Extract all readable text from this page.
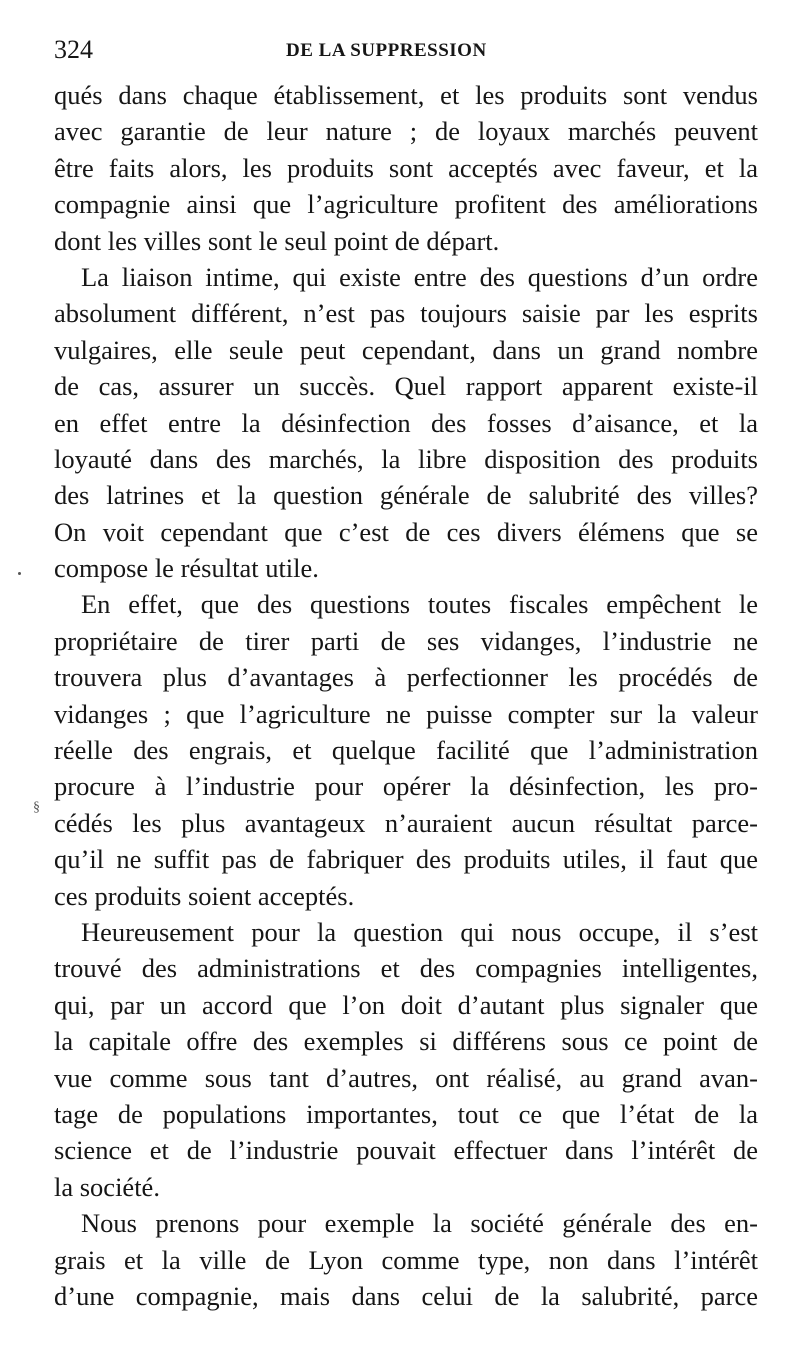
324	DE LA SUPPRESSION
§
qués dans chaque établissement, et les produits sont vendus
avec garantie de leur nature ; de loyaux marchés peuvent
être faits alors, les produits sont acceptés avec faveur, et la
compagnie ainsi que l’agriculture profitent des améliorations
dont les villes sont le seul point de départ.
La liaison intime, qui existe entre des questions d’un ordre
absolument différent, n’est pas toujours saisie par les esprits
vulgaires, elle seule peut cependant, dans un grand nombre
de cas, assurer un succès. Quel rapport apparent existe-il
en effet entre la désinfection des fosses d’aisance, et la
loyauté dans des marchés, la libre disposition des produits
des latrines et la question générale de salubrité des villes?
On voit cependant que c’est de ces divers élémens que se
compose le résultat utile.
En effet, que des questions toutes fiscales empêchent le
propriétaire de tirer parti de ses vidanges, l’industrie ne
trouvera plus d’avantages à perfectionner les procédés de
vidanges ; que l’agriculture ne puisse compter sur la valeur
réelle des engrais, et quelque facilité que l’administration
procure à l’industrie pour opérer la désinfection, les pro-
cédés les plus avantageux n’auraient aucun résultat parce-
qu’il ne suffit pas de fabriquer des produits utiles, il faut que
ces produits soient acceptés.
Heureusement pour la question qui nous occupe, il s’est
trouvé des administrations et des compagnies intelligentes,
qui, par un accord que l’on doit d’autant plus signaler que
la capitale offre des exemples si différens sous ce point de
vue comme sous tant d’autres, ont réalisé, au grand avan-
tage de populations importantes, tout ce que l’état de la
science et de l’industrie pouvait effectuer dans l’intérêt de
la société.
Nous prenons pour exemple la société générale des en-
grais et la ville de Lyon comme type, non dans l’intérêt
d’une compagnie, mais dans celui de la salubrité, parce
